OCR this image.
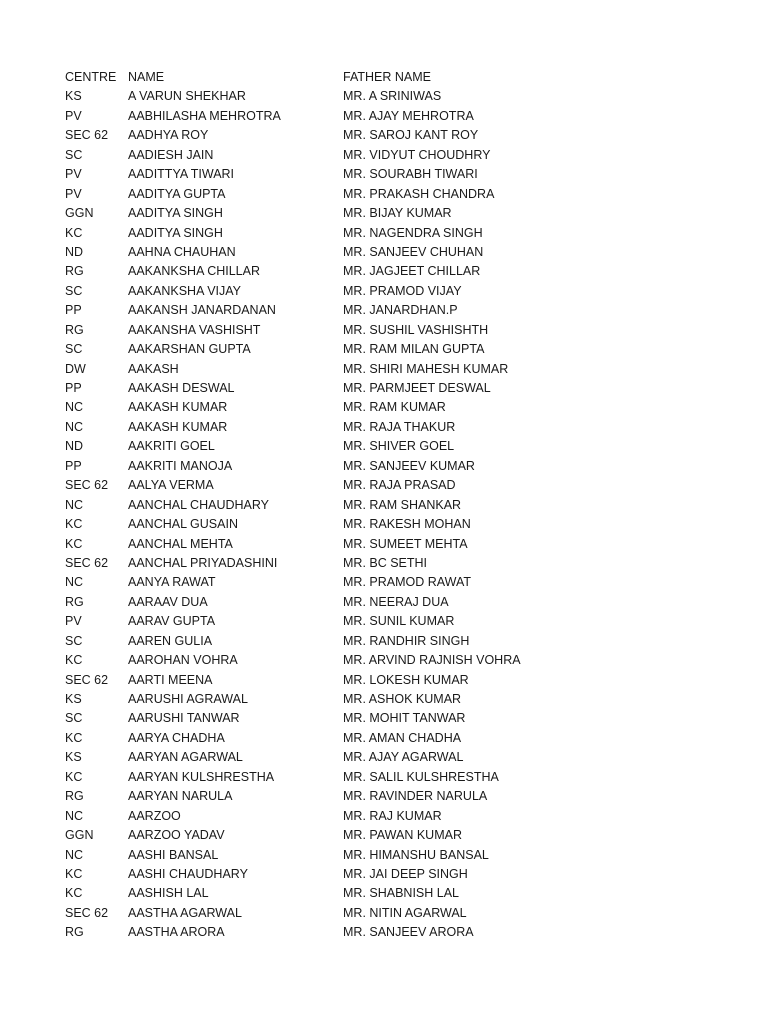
CENTRE NAME	FATHER NAME
KS	A VARUN SHEKHAR	MR. A SRINIWAS
PV	AABHILASHA MEHROTRA	MR. AJAY MEHROTRA
SEC 62	AADHYA ROY	MR. SAROJ KANT ROY
SC	AADIESH JAIN	MR. VIDYUT CHOUDHRY
PV	AADITTYA TIWARI	MR. SOURABH TIWARI
PV	AADITYA GUPTA	MR. PRAKASH CHANDRA
GGN	AADITYA SINGH	MR. BIJAY KUMAR
KC	AADITYA SINGH	MR. NAGENDRA SINGH
ND	AAHNA CHAUHAN	MR. SANJEEV CHUHAN
RG	AAKANKSHA CHILLAR	MR. JAGJEET CHILLAR
SC	AAKANKSHA VIJAY	MR. PRAMOD VIJAY
PP	AAKANSH JANARDANAN	MR. JANARDHAN.P
RG	AAKANSHA VASHISHT	MR. SUSHIL VASHISHTH
SC	AAKARSHAN GUPTA	MR. RAM MILAN GUPTA
DW	AAKASH	MR. SHIRI MAHESH KUMAR
PP	AAKASH DESWAL	MR. PARMJEET DESWAL
NC	AAKASH KUMAR	MR. RAM KUMAR
NC	AAKASH KUMAR	MR. RAJA THAKUR
ND	AAKRITI GOEL	MR. SHIVER GOEL
PP	AAKRITI MANOJA	MR. SANJEEV KUMAR
SEC 62	AALYA VERMA	MR. RAJA PRASAD
NC	AANCHAL CHAUDHARY	MR. RAM SHANKAR
KC	AANCHAL GUSAIN	MR. RAKESH MOHAN
KC	AANCHAL MEHTA	MR. SUMEET MEHTA
SEC 62	AANCHAL PRIYADASHINI	MR. BC SETHI
NC	AANYA RAWAT	MR. PRAMOD RAWAT
RG	AARAAV DUA	MR. NEERAJ DUA
PV	AARAV GUPTA	MR. SUNIL KUMAR
SC	AAREN GULIA	MR. RANDHIR SINGH
KC	AAROHAN VOHRA	MR. ARVIND RAJNISH VOHRA
SEC 62	AARTI MEENA	MR. LOKESH KUMAR
KS	AARUSHI AGRAWAL	MR. ASHOK KUMAR
SC	AARUSHI TANWAR	MR. MOHIT TANWAR
KC	AARYA CHADHA	MR. AMAN CHADHA
KS	AARYAN AGARWAL	MR. AJAY AGARWAL
KC	AARYAN KULSHRESTHA	MR. SALIL KULSHRESTHA
RG	AARYAN NARULA	MR. RAVINDER NARULA
NC	AARZOO	MR. RAJ KUMAR
GGN	AARZOO YADAV	MR. PAWAN KUMAR
NC	AASHI BANSAL	MR. HIMANSHU BANSAL
KC	AASHI CHAUDHARY	MR. JAI DEEP SINGH
KC	AASHISH LAL	MR. SHABNISH LAL
SEC 62	AASTHA AGARWAL	MR. NITIN AGARWAL
RG	AASTHA ARORA	MR. SANJEEV ARORA
